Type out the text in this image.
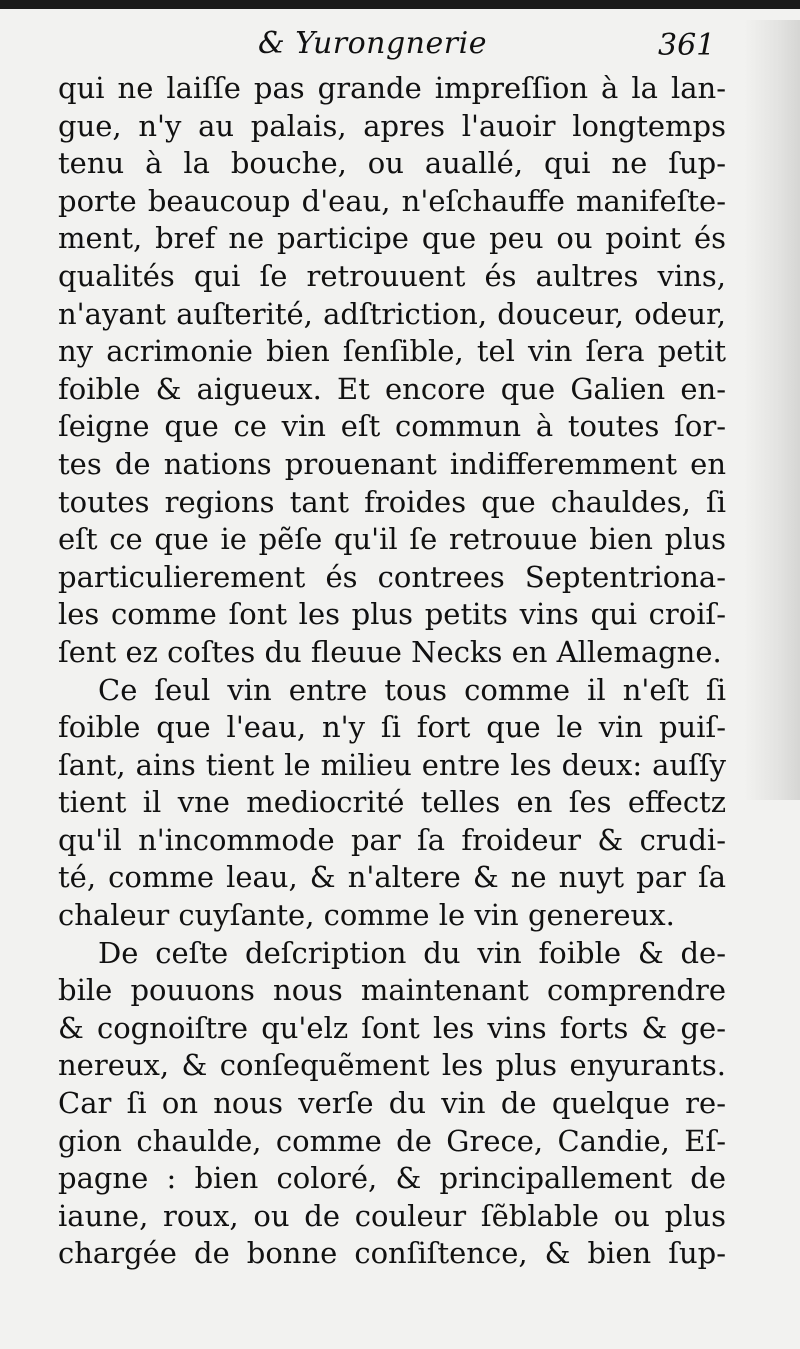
& Yurongnerie	361
qui ne laiſſe pas grande impreſſion à la lan-
gue, n'y au palais, apres l'auoir longtemps
tenu à la bouche, ou auallé, qui ne ſup-
porte beaucoup d'eau, n'eſchauffe manifeſte-
ment, bref ne participe que peu ou point és
qualités qui ſe retrouuent és aultres vins,
n'ayant auſterité, adſtriction, douceur, odeur,
ny acrimonie bien ſenſible, tel vin ſera petit
foible & aigueux. Et encore que Galien en-
ſeigne que ce vin eſt commun à toutes ſor-
tes de nations prouenant indifferemment en
toutes regions tant froides que chauldes, ſi
eſt ce que ie pẽſe qu'il ſe retrouue bien plus
particulierement és contrees Septentriona-
les comme ſont les plus petits vins qui croiſ-
ſent ez coſtes du fleuue Necks en Allemagne.
Ce ſeul vin entre tous comme il n'eſt ſi
foible que l'eau, n'y ſi fort que le vin puiſ-
ſant, ains tient le milieu entre les deux: auſſy
tient il vne mediocrité telles en ſes effectz
qu'il n'incommode par ſa froideur & crudi-
té, comme leau, & n'altere & ne nuyt par ſa
chaleur cuyſante, comme le vin genereux.
De ceſte deſcription du vin foible & de-
bile pouuons nous maintenant comprendre
& cognoiſtre qu'elz ſont les vins forts & ge-
nereux, & conſequẽment les plus enyurants.
Car ſi on nous verſe du vin de quelque re-
gion chaulde, comme de Grece, Candie, Eſ-
pagne : bien coloré, & principallement de
iaune, roux, ou de couleur ſẽblable ou plus
chargée de bonne conſiſtence, & bien ſup-
